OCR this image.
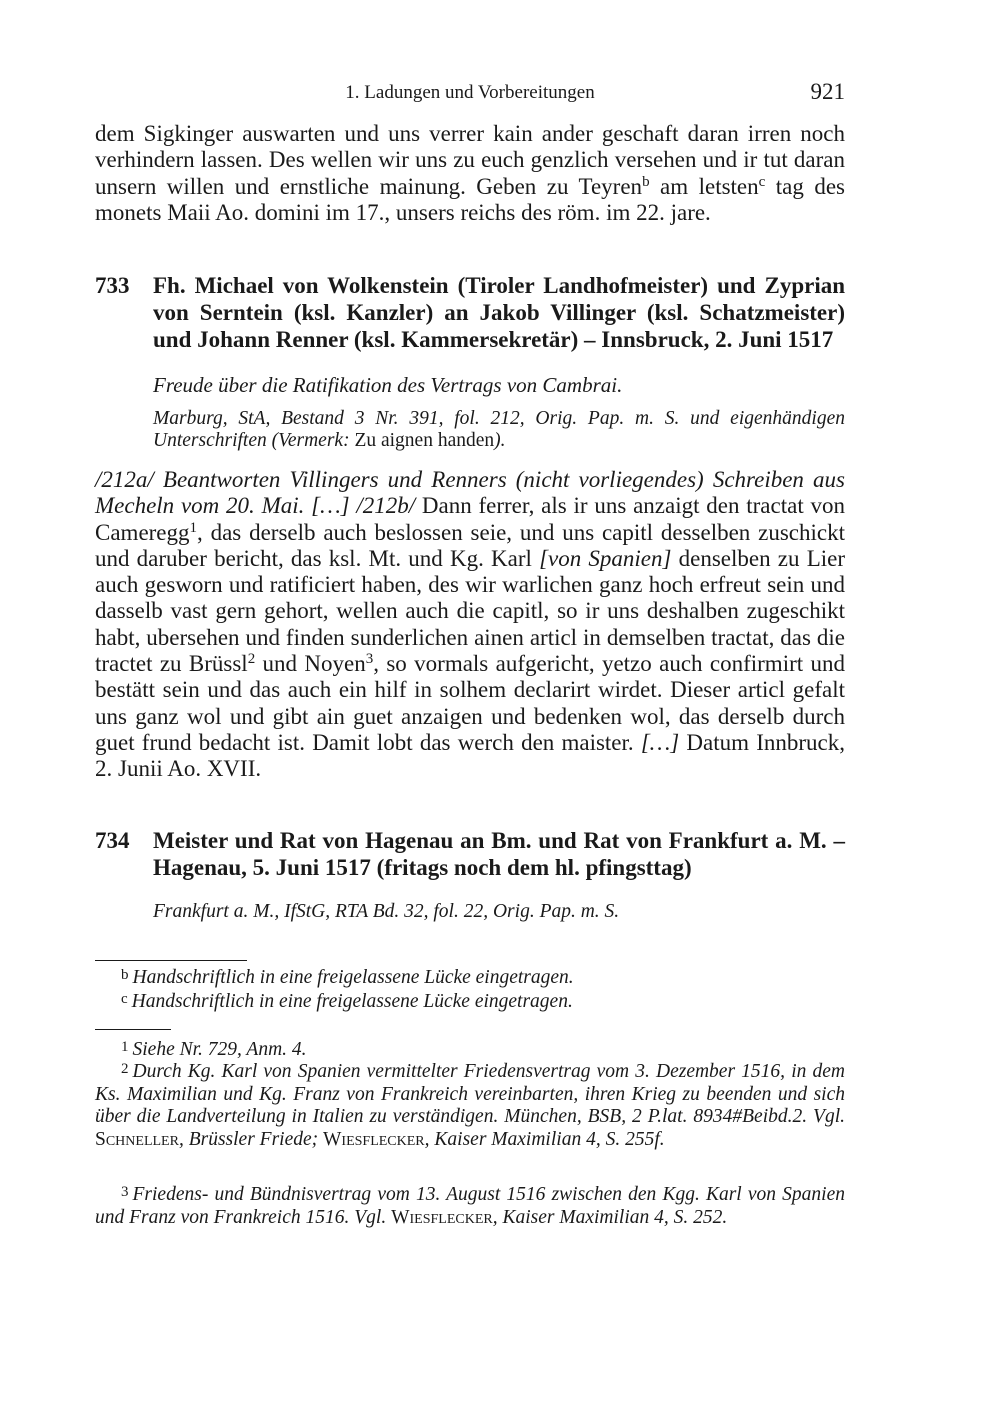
1. Ladungen und Vorbereitungen	921

dem Sigkinger auswarten und uns verrer kain ander geschaft daran irren noch verhindern lassen. Des wellen wir uns zu euch genzlich versehen und ir tut daran unsern willen und ernstliche mainung. Geben zu Teyren$^b$ am letsten$^c$ tag des monets Maii Ao. domini im 17., unsers reichs des röm. im 22. jare.

733 Fh. Michael von Wolkenstein (Tiroler Landhofmeister) und Zyprian von Serntein (ksl. Kanzler) an Jakob Villinger (ksl. Schatzmeister) und Johann Renner (ksl. Kammersekretär) – Innsbruck, 2. Juni 1517
Freude über die Ratifikation des Vertrags von Cambrai.
Marburg, StA, Bestand 3 Nr. 391, fol. 212, Orig. Pap. m. S. und eigenhändigen Unterschriften (Vermerk: Zu aignen handen).

/212a/ Beantworten Villingers und Renners (nicht vorliegendes) Schreiben aus Mecheln vom 20. Mai. […] /212b/ Dann ferrer, als ir uns anzaigt den tractat von Cameregg$^1$, das derselb auch beslossen seie, und uns capitl desselben zuschickt und daruber bericht, das ksl. Mt. und Kg. Karl [von Spanien] denselben zu Lier auch gesworn und ratificiert haben, des wir warlichen ganz hoch erfreut sein und dasselb vast gern gehort, wellen auch die capitl, so ir uns deshalben zugeschikt habt, ubersehen und finden sunderlichen ainen articl in demselben tractat, das die tractet zu Brüssl$^2$ und Noyen$^3$, so vormals aufgericht, yetzo auch confirmirt und bestätt sein und das auch ein hilf in solhem declarirt wirdet. Dieser articl gefalt uns ganz wol und gibt ain guet anzaigen und bedenken wol, das derselb durch guet frund bedacht ist. Damit lobt das werch den maister. […] Datum Innbruck, 2. Junii Ao. XVII.

734 Meister und Rat von Hagenau an Bm. und Rat von Frankfurt a. M. – Hagenau, 5. Juni 1517 (fritags noch dem hl. pfingsttag)
Frankfurt a. M., IfStG, RTA Bd. 32, fol. 22, Orig. Pap. m. S.
$^b$ Handschriftlich in eine freigelassene Lücke eingetragen.
$^c$ Handschriftlich in eine freigelassene Lücke eingetragen.
$^1$ Siehe Nr. 729, Anm. 4.
$^2$ Durch Kg. Karl von Spanien vermittelter Friedensvertrag vom 3. Dezember 1516, in dem Ks. Maximilian und Kg. Franz von Frankreich vereinbarten, ihren Krieg zu beenden und sich über die Landverteilung in Italien zu verständigen. München, BSB, 2 P.lat. 8934#Beibd.2. Vgl. Schneller, Brüssler Friede; Wiesflecker, Kaiser Maximilian 4, S. 255f.
$^3$ Friedens- und Bündnisvertrag vom 13. August 1516 zwischen den Kgg. Karl von Spanien und Franz von Frankreich 1516. Vgl. Wiesflecker, Kaiser Maximilian 4, S. 252.
